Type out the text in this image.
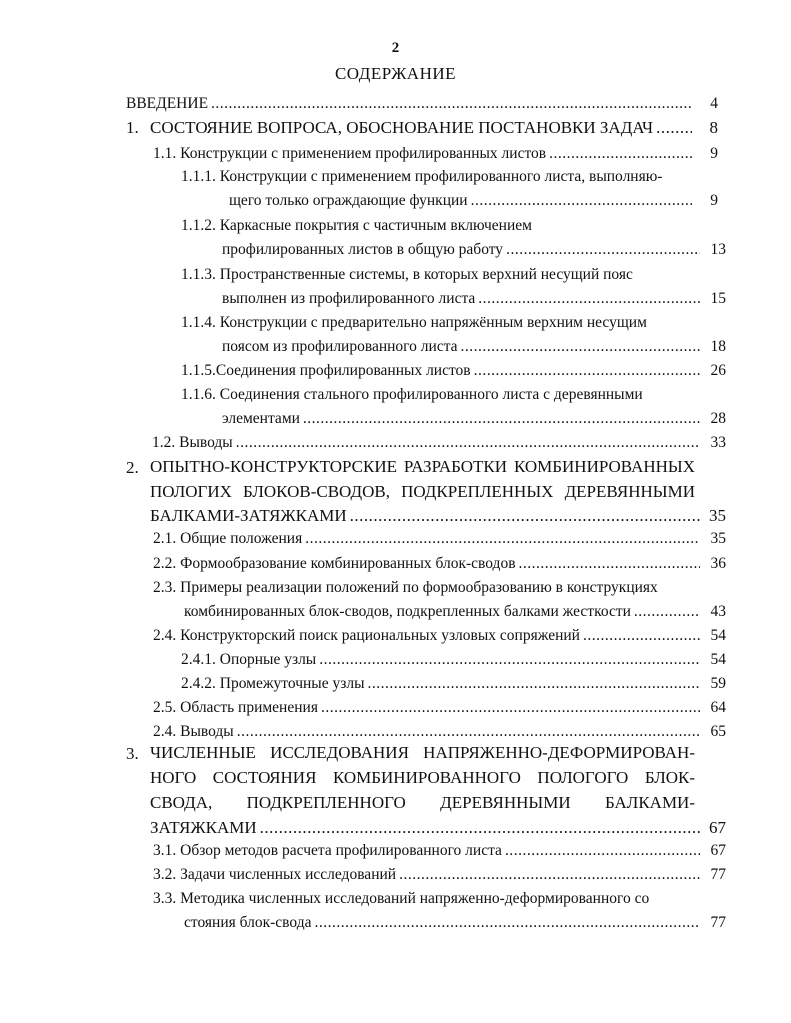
2
СОДЕРЖАНИЕ
ВВЕДЕНИЕ .....	4
1. СОСТОЯНИЕ ВОПРОСА, ОБОСНОВАНИЕ ПОСТАНОВКИ ЗАДАЧ .....	8
1.1. Конструкции с применением профилированных листов .....	9
1.1.1. Конструкции с применением профилированного листа, выполняю-
щего только ограждающие функции .....	9
1.1.2. Каркасные покрытия с частичным включением
профилированных листов в общую работу .....	13
1.1.3. Пространственные системы, в которых верхний несущий пояс
выполнен из профилированного листа .....	15
1.1.4. Конструкции с предварительно напряжённым верхним несущим
поясом из профилированного листа .....	18
1.1.5.Соединения профилированных листов .....	26
1.1.6. Соединения стального профилированного листа с деревянными
элементами .....	28
1.2. Выводы .....	33
2. ОПЫТНО-КОНСТРУКТОРСКИЕ РАЗРАБОТКИ КОМБИНИРОВАННЫХ
ПОЛОГИХ БЛОКОВ-СВОДОВ, ПОДКРЕПЛЕННЫХ ДЕРЕВЯННЫМИ
БАЛКАМИ-ЗАТЯЖКАМИ .....	35
2.1. Общие положения .....	35
2.2. Формообразование комбинированных блок-сводов .....	36
2.3. Примеры реализации положений по формообразованию в конструкциях
комбинированных блок-сводов, подкрепленных балками жесткости .....	43
2.4. Конструкторский поиск рациональных узловых сопряжений .....	54
2.4.1. Опорные узлы .....	54
2.4.2. Промежуточные узлы .....	59
2.5. Область применения .....	64
2.4. Выводы .....	65
3. ЧИСЛЕННЫЕ ИССЛЕДОВАНИЯ НАПРЯЖЕННО-ДЕФОРМИРОВАН-
НОГО СОСТОЯНИЯ КОМБИНИРОВАННОГО ПОЛОГОГО БЛОК-
СВОДА, ПОДКРЕПЛЕННОГО ДЕРЕВЯННЫМИ БАЛКАМИ-
ЗАТЯЖКАМИ .....	67
3.1. Обзор методов расчета профилированного листа .....	67
3.2. Задачи численных исследований .....	77
3.3. Методика численных исследований напряженно-деформированного со
стояния блок-свода .....	77
